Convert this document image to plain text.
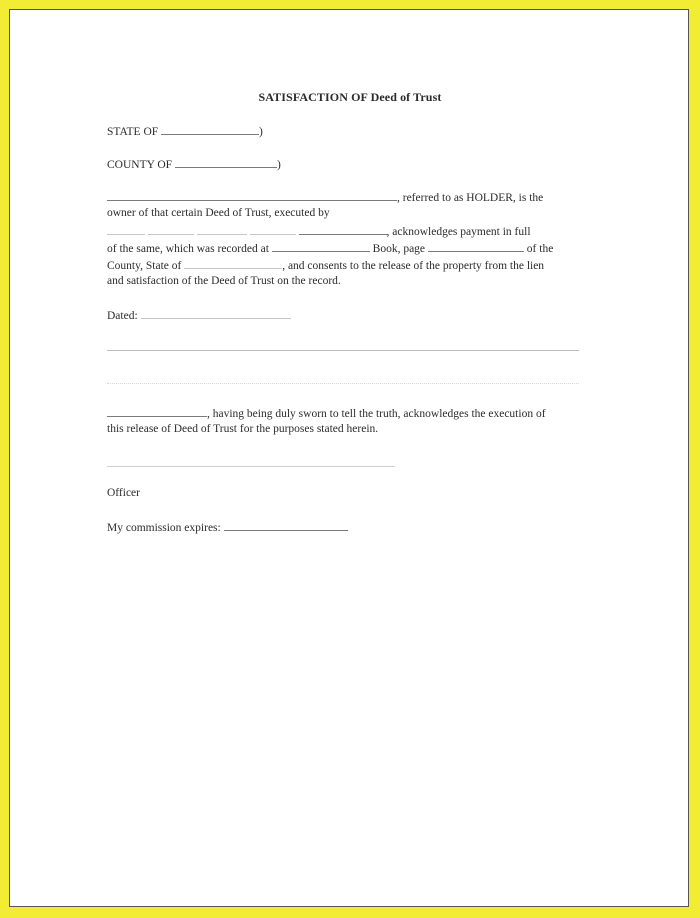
SATISFACTION OF Deed of Trust
STATE OF	)
COUNTY OF	)
, referred to as HOLDER, is the
owner of that certain Deed of Trust, executed by
, acknowledges payment in full
of the same, which was recorded at	Book, page	of the
County, State of	, and consents to the release of the property from the lien
and satisfaction of the Deed of Trust on the record.
Dated:
, having being duly sworn to tell the truth, acknowledges the execution of
this release of Deed of Trust for the purposes stated herein.
Officer
My commission expires:
